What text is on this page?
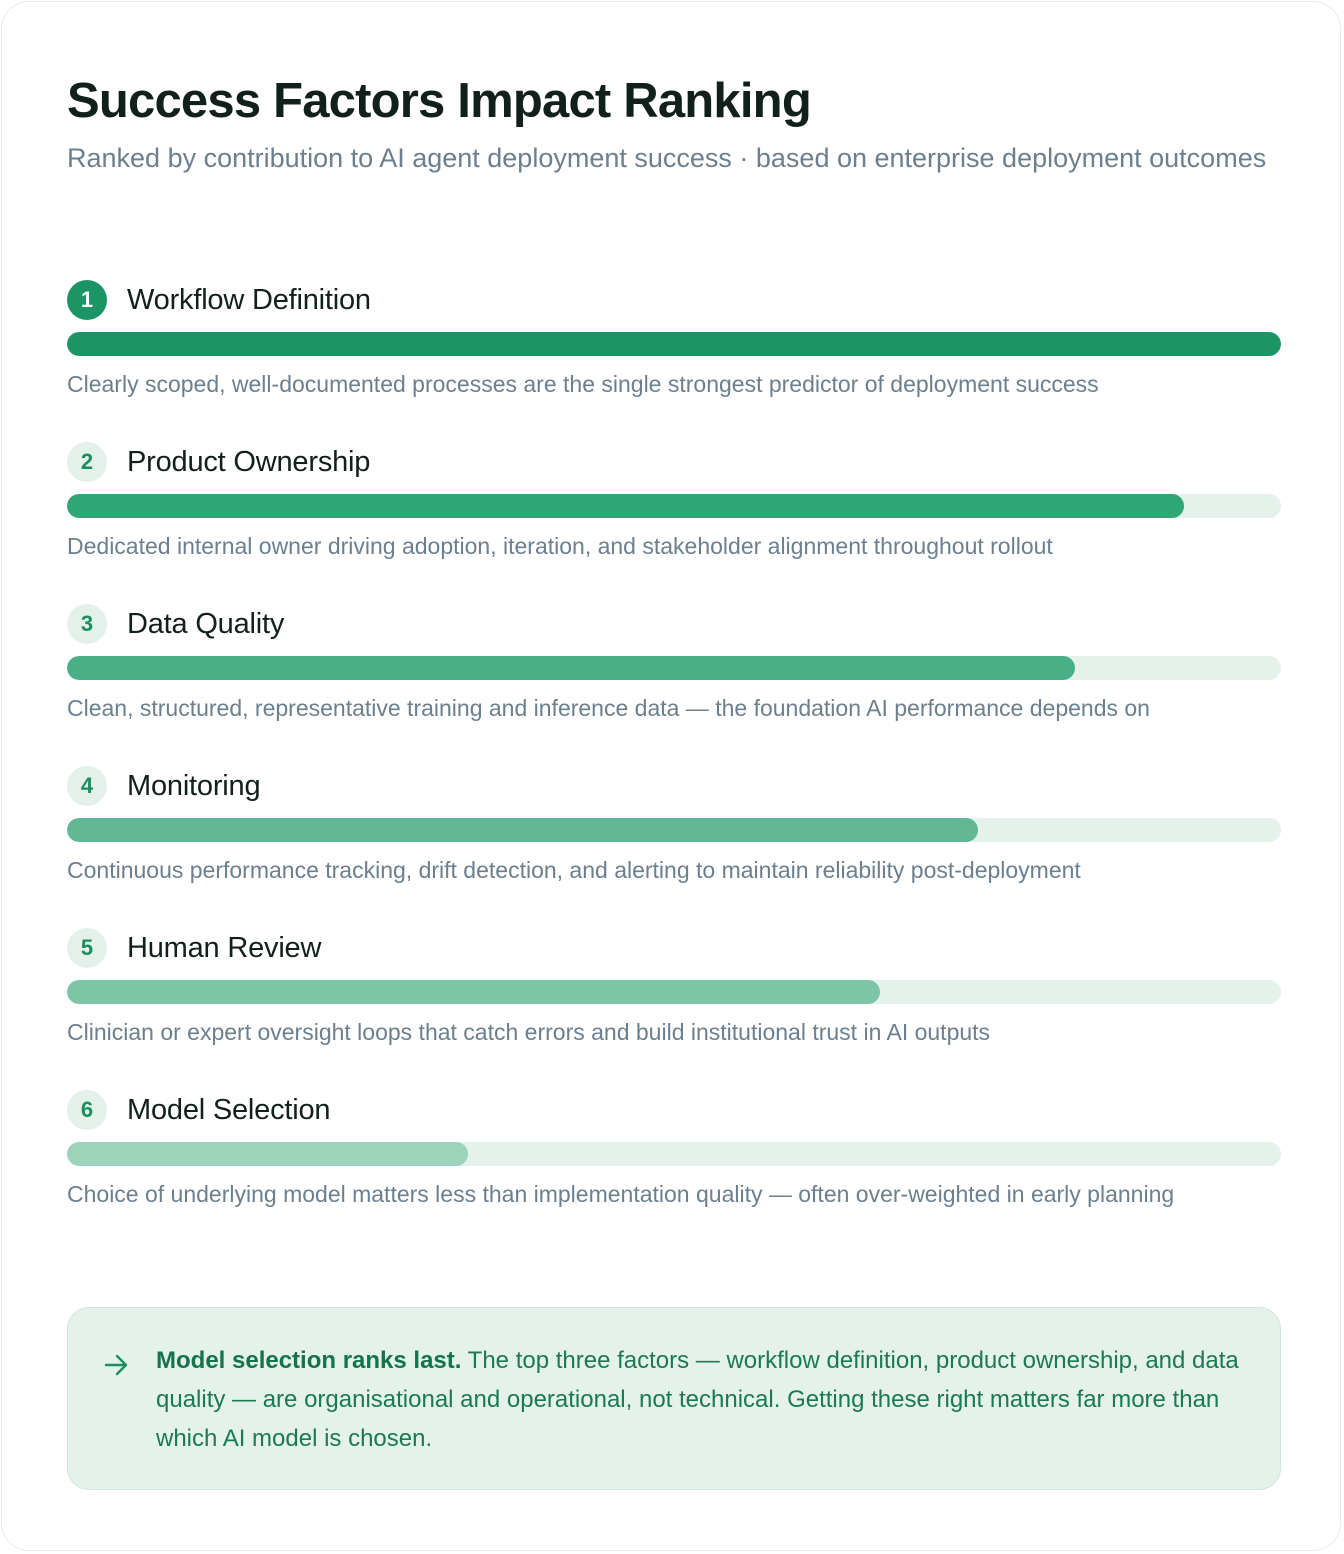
Success Factors Impact Ranking

Ranked by contribution to AI agent deployment success · based on enterprise deployment outcomes

1	Workflow Definition
Clearly scoped, well-documented processes are the single strongest predictor of deployment success
2	Product Ownership
Dedicated internal owner driving adoption, iteration, and stakeholder alignment throughout rollout
3	Data Quality
Clean, structured, representative training and inference data — the foundation AI performance depends on
4	Monitoring
Continuous performance tracking, drift detection, and alerting to maintain reliability post-deployment
5	Human Review
Clinician or expert oversight loops that catch errors and build institutional trust in AI outputs
6	Model Selection
Choice of underlying model matters less than implementation quality — often over-weighted in early planning

Model selection ranks last. The top three factors — workflow definition, product ownership, and data quality — are organisational and operational, not technical. Getting these right matters far more than which AI model is chosen.
